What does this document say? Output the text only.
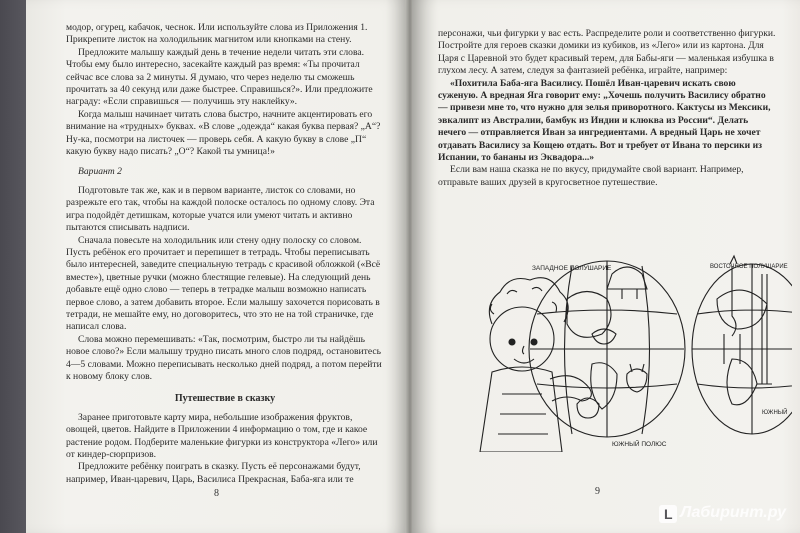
модор, огурец, кабачок, чеснок. Или используйте слова из Приложения 1. Прикрепите листок на холодильник магнитом или кнопками на стену.

Предложите малышу каждый день в течение недели читать эти слова. Чтобы ему было интересно, засекайте каждый раз время: «Ты прочитал сейчас все слова за 2 минуты. Я думаю, что через неделю ты сможешь прочитать за 40 секунд или даже быстрее. Справишься?». Или предложите награду: «Если справишься — получишь эту наклейку».

Когда малыш начинает читать слова быстро, начните акцентировать его внимание на «трудных» буквах. «В слове „одежда“ какая буква первая? „А“? Ну-ка, посмотри на листочек — проверь себя. А какую букву в слове „П“ какую букву надо писать? „О“? Какой ты умница!»

Вариант 2

Подготовьте так же, как и в первом варианте, листок со словами, но разрежьте его так, чтобы на каждой полоске осталось по одному слову. Эта игра подойдёт детишкам, которые учатся или умеют читать и активно пытаются списывать надписи.

Сначала повесьте на холодильник или стену одну полоску со словом. Пусть ребёнок его прочитает и перепишет в тетрадь. Чтобы переписывать было интересней, заведите специальную тетрадь с красивой обложкой («Всё вместе»), цветные ручки (можно блестящие гелевые). На следующий день добавьте ещё одно слово — теперь в тетрадке малыш возможно написать первое слово, а затем добавить второе. Если малышу захочется порисовать в тетради, не мешайте ему, но договоритесь, что это не на той страничке, где написал слова.

Слова можно перемешивать: «Так, посмотрим, быстро ли ты найдёшь новое слово?» Если малышу трудно писать много слов подряд, остановитесь 4—5 словами. Можно переписывать несколько дней подряд, а потом перейти к новому блоку слов.

Путешествие в сказку

Заранее приготовьте карту мира, небольшие изображения фруктов, овощей, цветов. Найдите в Приложении 4 информацию о том, где и какое растение родом. Подберите маленькие фигурки из конструктора «Лего» или от киндер-сюрпризов.

Предложите ребёнку поиграть в сказку. Пусть её персонажами будут, например, Иван-царевич, Царь, Василиса Прекрасная, Баба-яга или те

8

персонажи, чьи фигурки у вас есть. Распределите роли и соответственно фигурки. Постройте для героев сказки домики из кубиков, из «Лего» или из картона. Для Царя с Царевной это будет красивый терем, для Бабы-яги — маленькая избушка в глухом лесу. А затем, следуя за фантазией ребёнка, играйте, например:

«Похитила Баба-яга Василису. Пошёл Иван-царевич искать свою суженую. А вредная Яга говорит ему: „Хочешь получить Василису обратно — привези мне то, что нужно для зелья приворотного. Кактусы из Мексики, эвкалипт из Австралии, бамбук из Индии и клюква из России“. Делать нечего — отправляется Иван за ингредиентами. А вредный Царь не хочет отдавать Василису за Кощею отдать. Вот и требует от Ивана то персики из Испании, то бананы из Эквадора...»

Если вам наша сказка не по вкусу, придумайте свой вариант. Например, отправьте ваших друзей в кругосветное путешествие.

9
ЗАПАДНОЕ ПОЛУШАРИЕ	ВОСТОЧНОЕ ПОЛУШАРИЕ
ЮЖНЫЙ ПОЛЮС
ЮЖНЫЙ
L Лабиринт.ру
